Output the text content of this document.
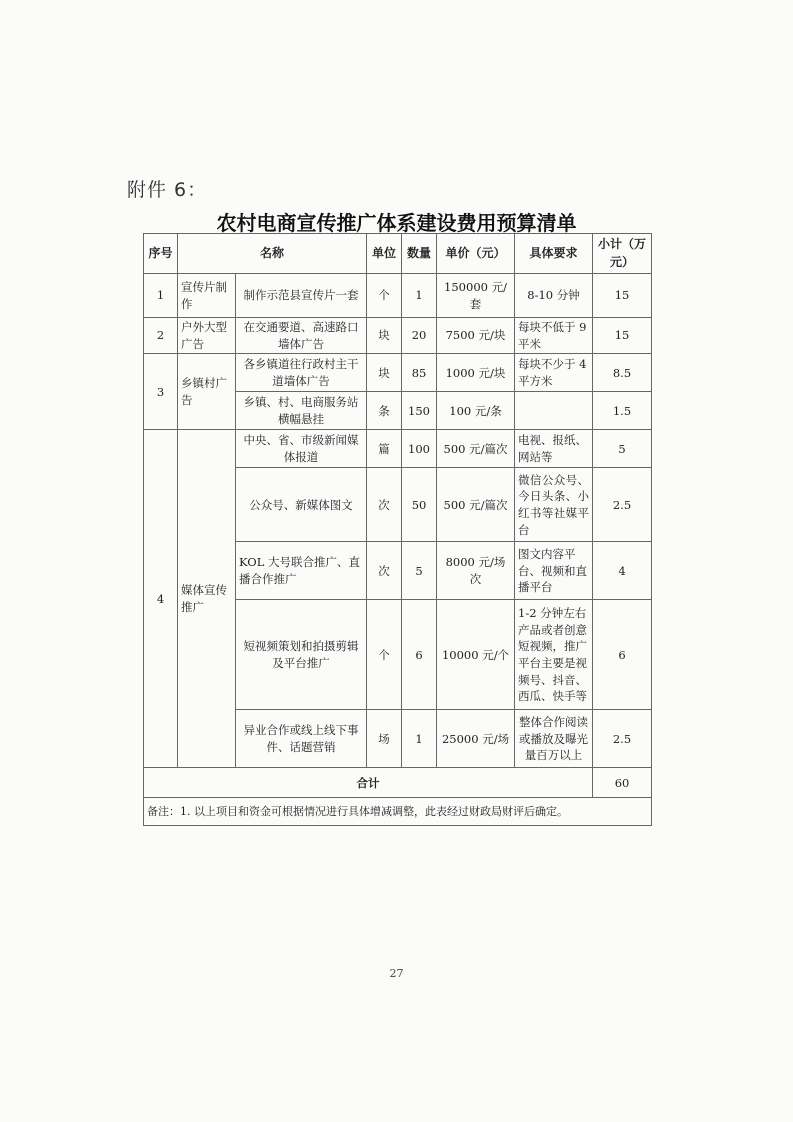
附件 6：
农村电商宣传推广体系建设费用预算清单
序号	名称		单位	数量	单价（元）	具体要求	小计（万元）
1	宣传片制作	制作示范县宣传片一套	个	1	150000 元/套	8-10 分钟	15
2	户外大型广告	在交通要道、高速路口墙体广告	块	20	7500 元/块	每块不低于 9 平米	15
3	乡镇村广告	各乡镇道往行政村主干道墙体广告	块	85	1000 元/块	每块不少于 4 平方米	8.5
		乡镇、村、电商服务站横幅悬挂	条	150	100 元/条		1.5
4	媒体宣传推广	中央、省、市级新闻媒体报道	篇	100	500 元/篇次	电视、报纸、网站等	5
		公众号、新媒体图文	次	50	500 元/篇次	微信公众号、今日头条、小红书等社媒平台	2.5
		KOL 大号联合推广、直播合作推广	次	5	8000 元/场次	图文内容平台、视频和直播平台	4
		短视频策划和拍摄剪辑及平台推广	个	6	10000 元/个	1-2 分钟左右产品或者创意短视频，推广平台主要是视频号、抖音、西瓜、快手等	6
		异业合作或线上线下事件、话题营销	场	1	25000 元/场	整体合作阅读或播放及曝光量百万以上	2.5
合计							60
备注：1. 以上项目和资金可根据情况进行具体增减调整，此表经过财政局财评后确定。							
27
